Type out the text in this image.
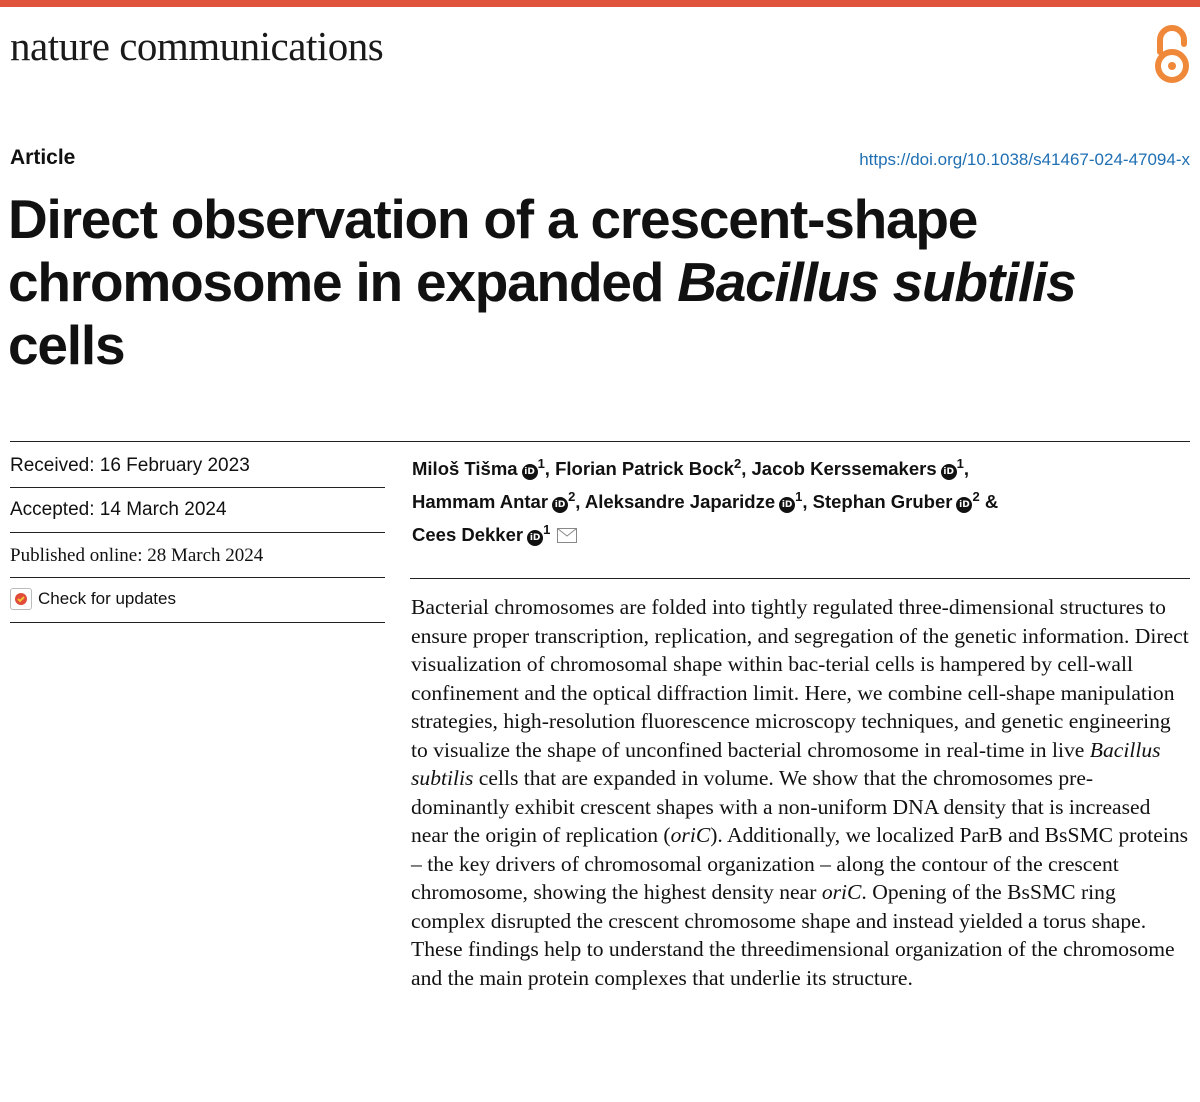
nature communications
Article	https://doi.org/10.1038/s41467-024-47094-x
Direct observation of a crescent-shape chromosome in expanded Bacillus subtilis cells
Received: 16 February 2023
Accepted: 14 March 2024
Published online: 28 March 2024
Check for updates
Miloš Tišma $iD^1$, Florian Patrick Bock$^2$, Jacob Kerssemakers $iD^1$,
Hammam Antar $iD^2$, Aleksandre Japaridze $iD^1$, Stephan Gruber $iD^2$ &
Cees Dekker $iD^1$

Bacterial chromosomes are folded into tightly regulated three-dimensional structures to ensure proper transcription, replication, and segregation of the genetic information. Direct visualization of chromosomal shape within bac-terial cells is hampered by cell-wall confinement and the optical diffraction limit. Here, we combine cell-shape manipulation strategies, high-resolution fluorescence microscopy techniques, and genetic engineering to visualize the shape of unconfined bacterial chromosome in real-time in live Bacillus subtilis cells that are expanded in volume. We show that the chromosomes pre-dominantly exhibit crescent shapes with a non-uniform DNA density that is increased near the origin of replication (oriC). Additionally, we localized ParB and BsSMC proteins – the key drivers of chromosomal organization – along the contour of the crescent chromosome, showing the highest density near oriC. Opening of the BsSMC ring complex disrupted the crescent chromosome shape and instead yielded a torus shape. These findings help to understand the threedimensional organization of the chromosome and the main protein complexes that underlie its structure.
